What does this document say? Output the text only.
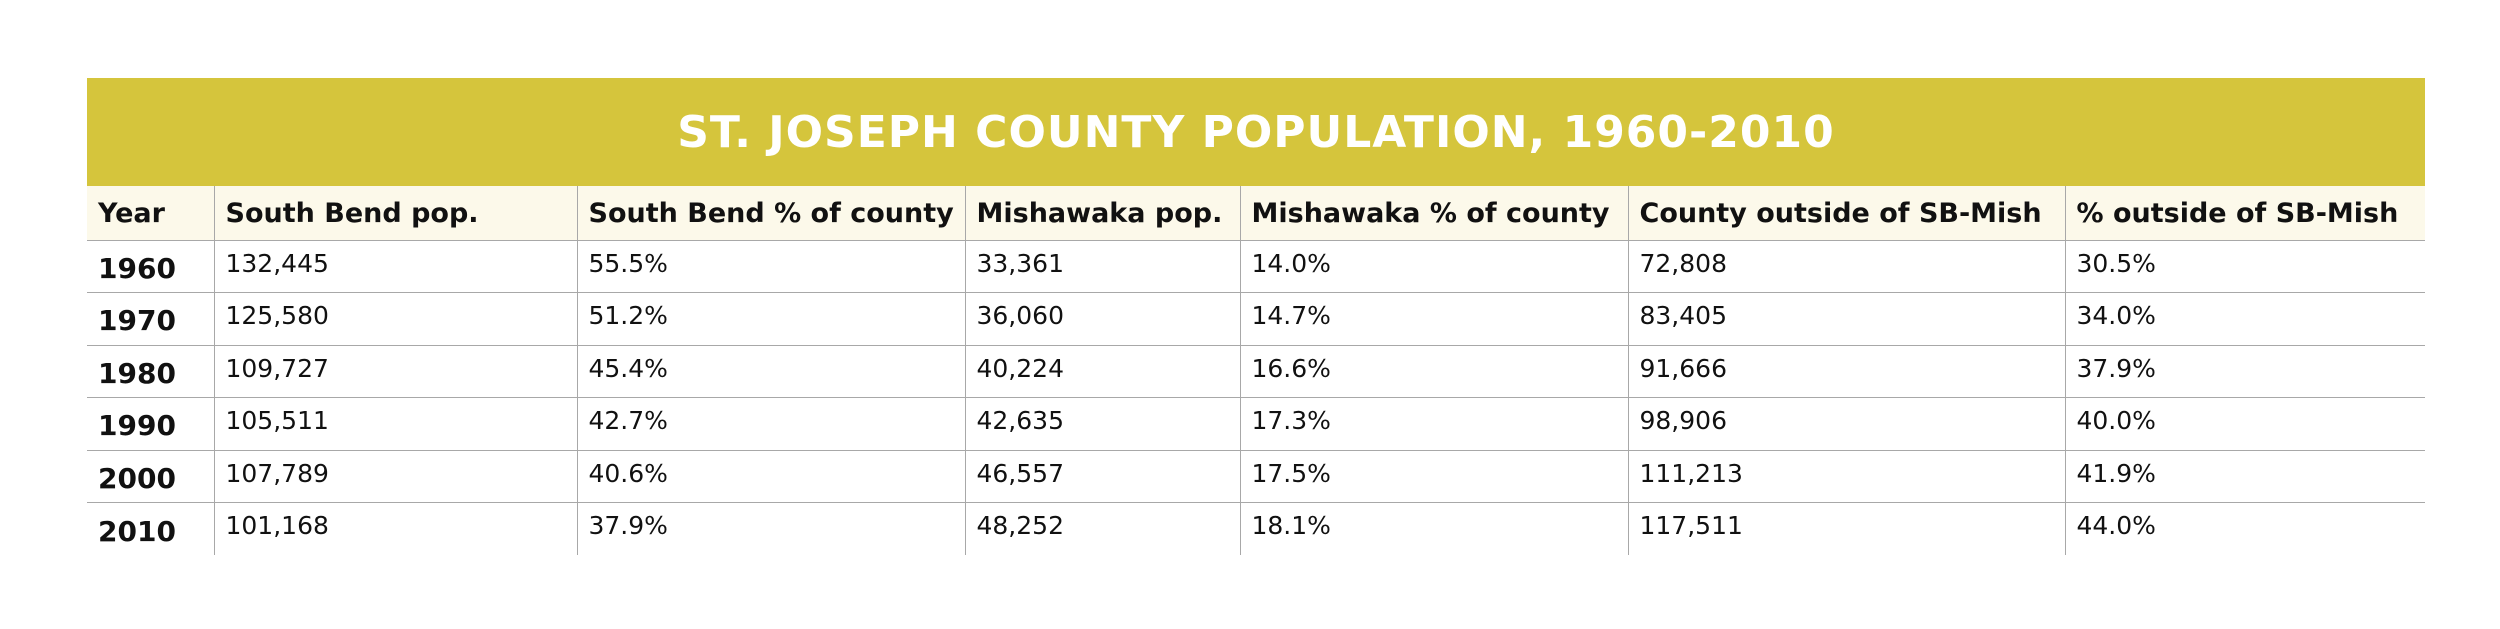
ST. JOSEPH COUNTY POPULATION, 1960-2010
Year	South Bend pop.	South Bend % of county	Mishawaka pop.	Mishawaka % of county	County outside of SB-Mish	% outside of SB-Mish
1960	132,445	55.5%	33,361	14.0%	72,808	30.5%
1970	125,580	51.2%	36,060	14.7%	83,405	34.0%
1980	109,727	45.4%	40,224	16.6%	91,666	37.9%
1990	105,511	42.7%	42,635	17.3%	98,906	40.0%
2000	107,789	40.6%	46,557	17.5%	111,213	41.9%
2010	101,168	37.9%	48,252	18.1%	117,511	44.0%
